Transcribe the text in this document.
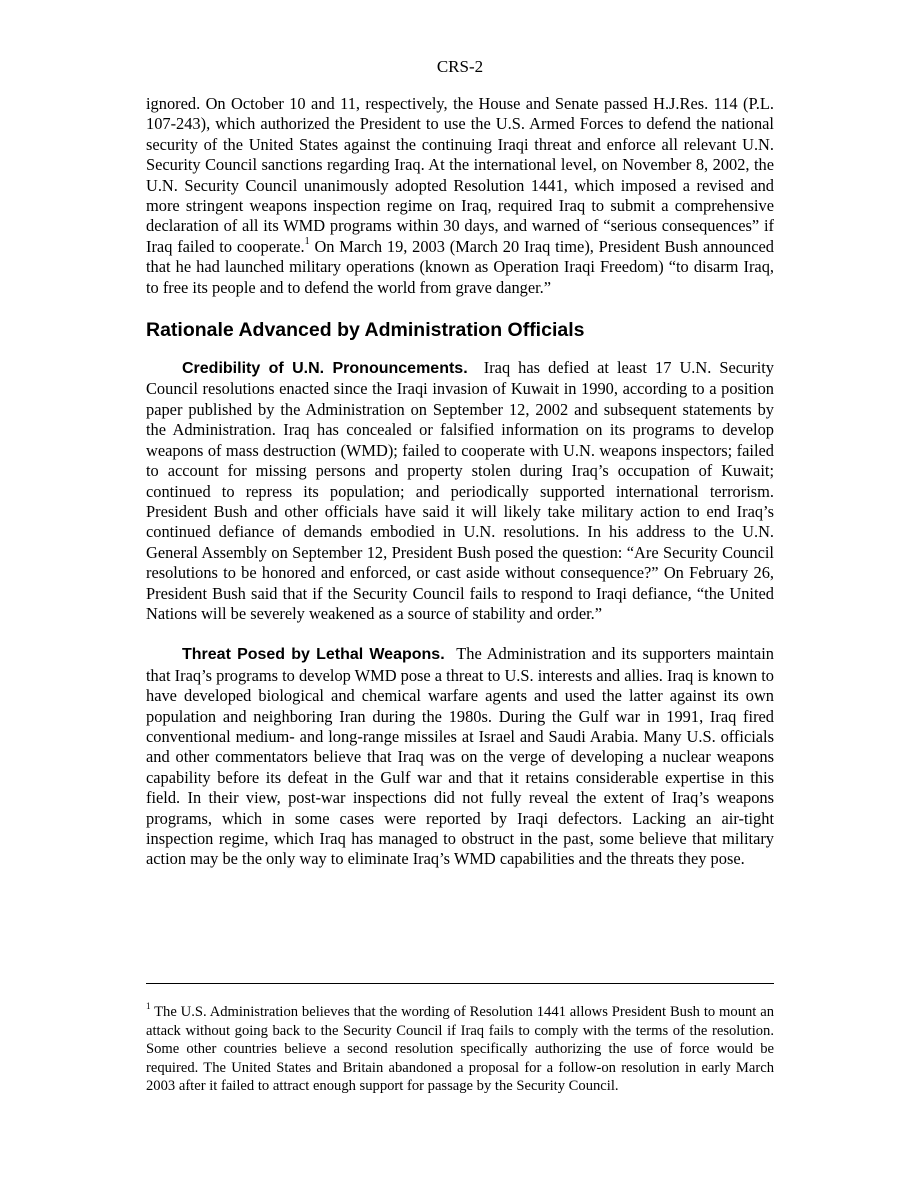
CRS-2

ignored. On October 10 and 11, respectively, the House and Senate passed H.J.Res. 114 (P.L. 107-243), which authorized the President to use the U.S. Armed Forces to defend the national security of the United States against the continuing Iraqi threat and enforce all relevant U.N. Security Council sanctions regarding Iraq. At the international level, on November 8, 2002, the U.N. Security Council unanimously adopted Resolution 1441, which imposed a revised and more stringent weapons inspection regime on Iraq, required Iraq to submit a comprehensive declaration of all its WMD programs within 30 days, and warned of “serious consequences” if Iraq failed to cooperate.$^1$ On March 19, 2003 (March 20 Iraq time), President Bush announced that he had launched military operations (known as Operation Iraqi Freedom) “to disarm Iraq, to free its people and to defend the world from grave danger.”

Rationale Advanced by Administration Officials

Credibility of U.N. Pronouncements. Iraq has defied at least 17 U.N. Security Council resolutions enacted since the Iraqi invasion of Kuwait in 1990, according to a position paper published by the Administration on September 12, 2002 and subsequent statements by the Administration. Iraq has concealed or falsified information on its programs to develop weapons of mass destruction (WMD); failed to cooperate with U.N. weapons inspectors; failed to account for missing persons and property stolen during Iraq’s occupation of Kuwait; continued to repress its population; and periodically supported international terrorism. President Bush and other officials have said it will likely take military action to end Iraq’s continued defiance of demands embodied in U.N. resolutions. In his address to the U.N. General Assembly on September 12, President Bush posed the question: “Are Security Council resolutions to be honored and enforced, or cast aside without consequence?” On February 26, President Bush said that if the Security Council fails to respond to Iraqi defiance, “the United Nations will be severely weakened as a source of stability and order.”

Threat Posed by Lethal Weapons. The Administration and its supporters maintain that Iraq’s programs to develop WMD pose a threat to U.S. interests and allies. Iraq is known to have developed biological and chemical warfare agents and used the latter against its own population and neighboring Iran during the 1980s. During the Gulf war in 1991, Iraq fired conventional medium- and long-range missiles at Israel and Saudi Arabia. Many U.S. officials and other commentators believe that Iraq was on the verge of developing a nuclear weapons capability before its defeat in the Gulf war and that it retains considerable expertise in this field. In their view, post-war inspections did not fully reveal the extent of Iraq’s weapons programs, which in some cases were reported by Iraqi defectors. Lacking an air-tight inspection regime, which Iraq has managed to obstruct in the past, some believe that military action may be the only way to eliminate Iraq’s WMD capabilities and the threats they pose.

$^1$ The U.S. Administration believes that the wording of Resolution 1441 allows President Bush to mount an attack without going back to the Security Council if Iraq fails to comply with the terms of the resolution. Some other countries believe a second resolution specifically authorizing the use of force would be required. The United States and Britain abandoned a proposal for a follow-on resolution in early March 2003 after it failed to attract enough support for passage by the Security Council.
